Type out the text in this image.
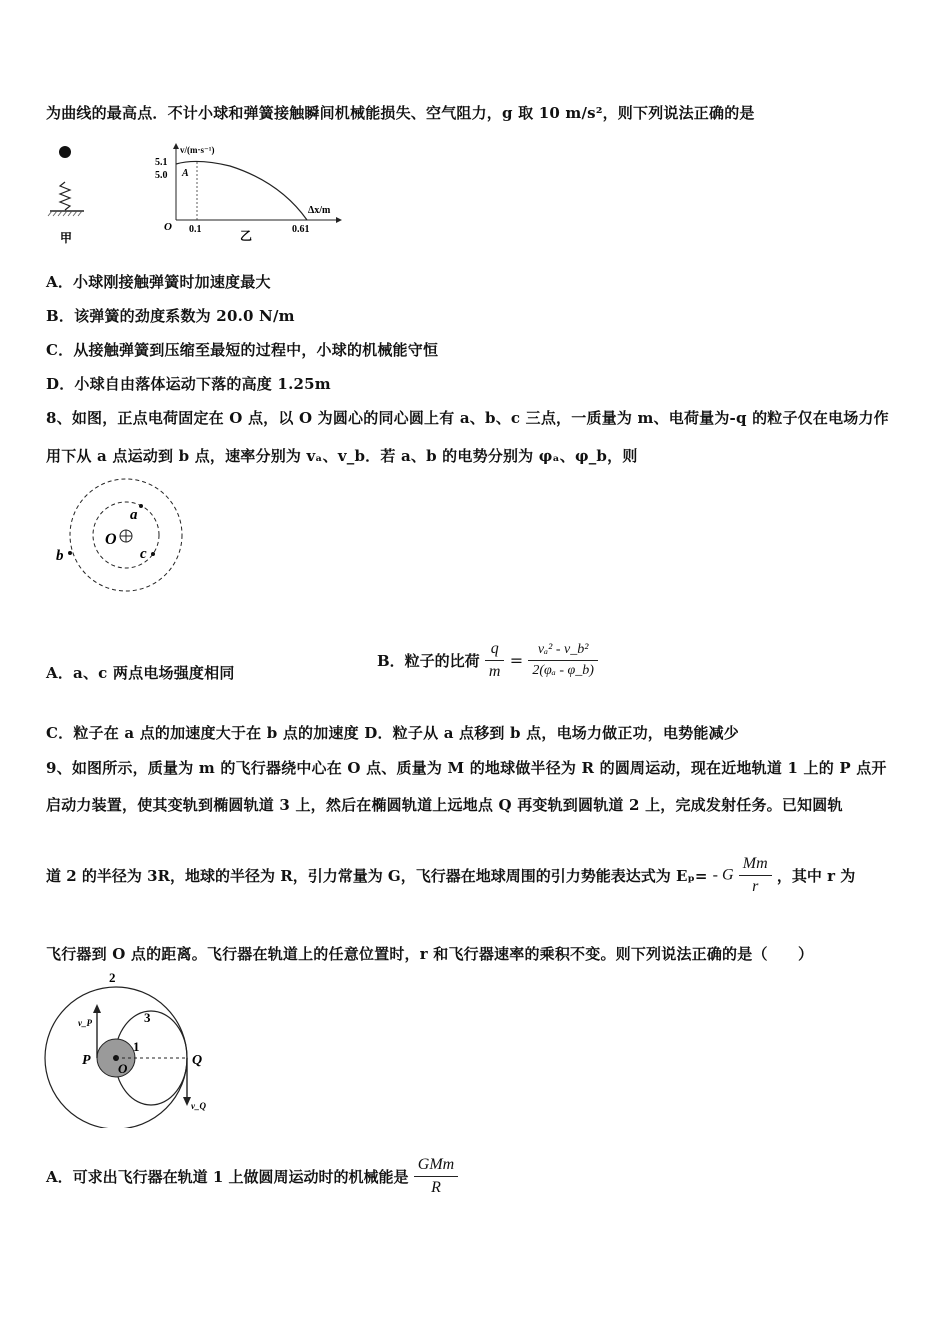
为曲线的最高点．不计小球和弹簧接触瞬间机械能损失、空气阻力，g 取 10 m/s²，则下列说法正确的是
甲
v/(m·s⁻¹)
Δx/m
5.1
5.0 A
O 0.1	0.61
乙
A．小球刚接触弹簧时加速度最大
B．该弹簧的劲度系数为 20.0 N/m
C．从接触弹簧到压缩至最短的过程中，小球的机械能守恒
D．小球自由落体运动下落的高度 1.25m
8、如图，正点电荷固定在 O 点，以 O 为圆心的同心圆上有 a、b、c 三点，一质量为 m、电荷量为-q 的粒子仅在电场力作
用下从 a 点运动到 b 点，速率分别为 vₐ、v_b．若 a、b 的电势分别为 φₐ、φ_b，则
O
a
b	c
A．a、c 两点电场强度相同
B．粒子的比荷 $\frac{q}{m} = \frac{\text{vₐ² - v\_b²}}{\text{2(φₐ - φ\_b)}}$
C．粒子在 a 点的加速度大于在 b 点的加速度 D．粒子从 a 点移到 b 点，电场力做正功，电势能减少
9、如图所示，质量为 m 的飞行器绕中心在 O 点、质量为 M 的地球做半径为 R 的圆周运动，现在近地轨道 1 上的 P 点开
启动力装置，使其变轨到椭圆轨道 3 上，然后在椭圆轨道上远地点 Q 再变轨到圆轨道 2 上，完成发射任务。已知圆轨
道 2 的半径为 3R，地球的半径为 R，引力常量为 G，飞行器在地球周围的引力势能表达式为 Eₚ= - G $\frac{Mm}{r}$ ，其中 r 为
飞行器到 O 点的距离。飞行器在轨道上的任意位置时，r 和飞行器速率的乘积不变。则下列说法正确的是（　　）
2
3
1
P	Q
O
v_P
v_Q
A．可求出飞行器在轨道 1 上做圆周运动时的机械能是 $\frac{\text{GMm}}{R}$
